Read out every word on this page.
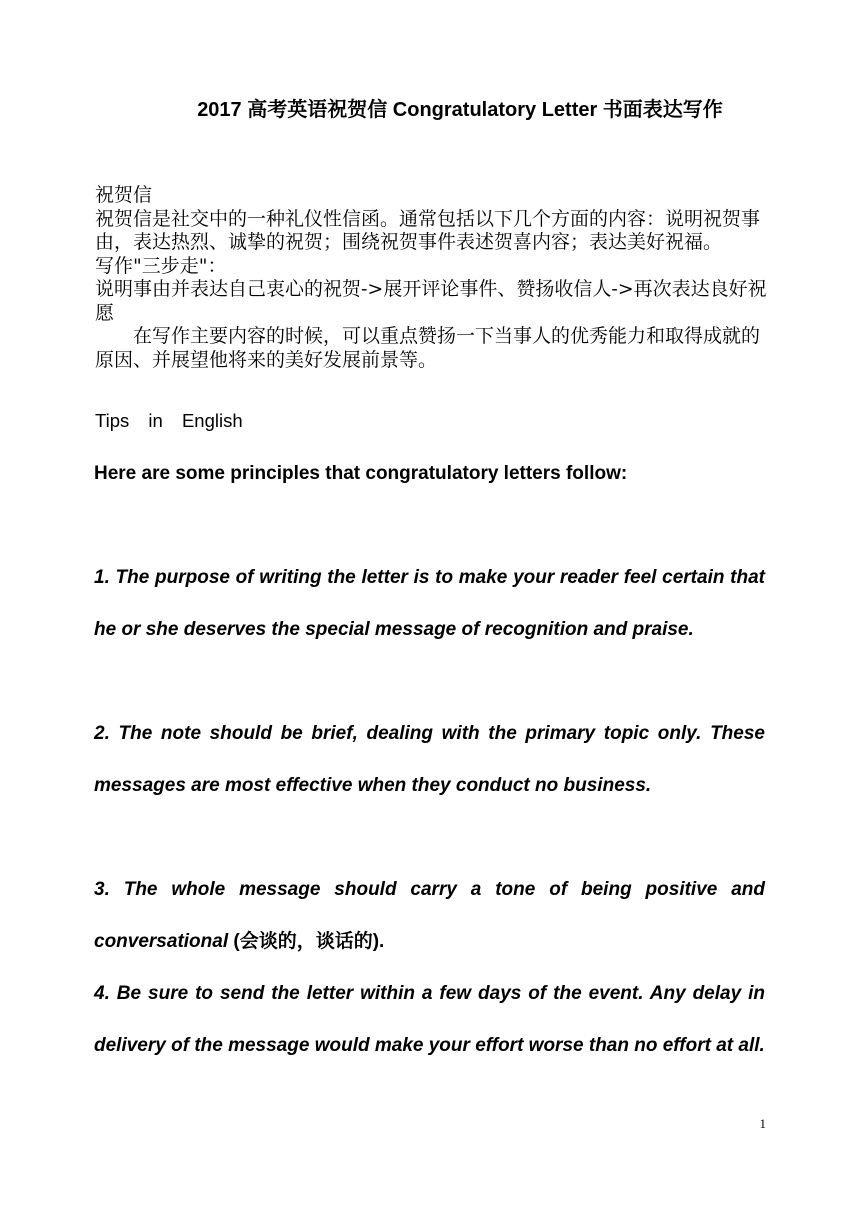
2017 高考英语祝贺信 Congratulatory Letter 书面表达写作
祝贺信
祝贺信是社交中的一种礼仪性信函。通常包括以下几个方面的内容：说明祝贺事由，表达热烈、诚挚的祝贺；围绕祝贺事件表述贺喜内容；表达美好祝福。
写作"三步走"：
说明事由并表达自己衷心的祝贺->展开评论事件、赞扬收信人->再次表达良好祝愿
在写作主要内容的时候，可以重点赞扬一下当事人的优秀能力和取得成就的原因、并展望他将来的美好发展前景等。
Tips in English
Here are some principles that congratulatory letters follow:
1. The purpose of writing the letter is to make your reader feel certain that he or she deserves the special message of recognition and praise.
2. The note should be brief, dealing with the primary topic only. These messages are most effective when they conduct no business.
3. The whole message should carry a tone of being positive and conversational (会谈的，谈话的).
4. Be sure to send the letter within a few days of the event. Any delay in delivery of the message would make your effort worse than no effort at all.
1
